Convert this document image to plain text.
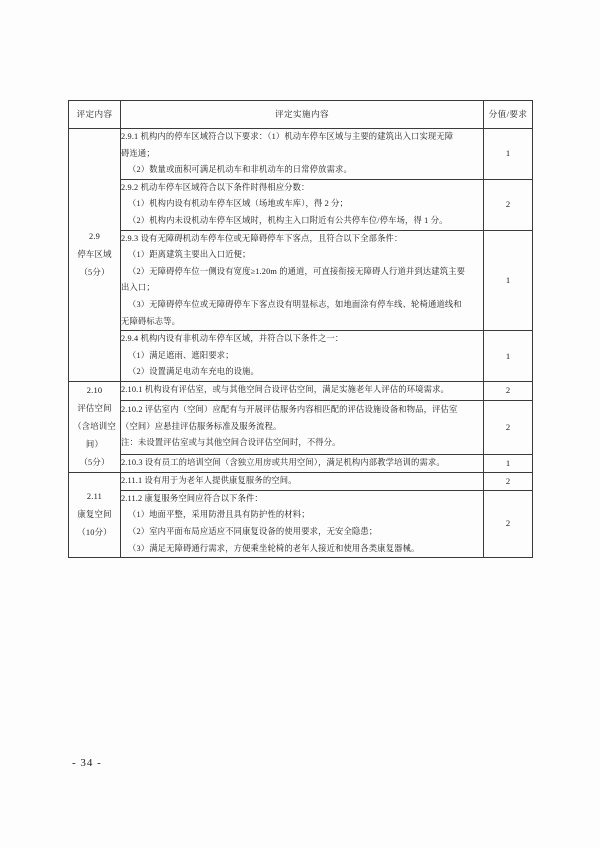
评定内容	评定实施内容	分值/要求

2.9
停车区域
（5分）

2.9.1 机构内的停车区域符合以下要求：（1）机动车停车区域与主要的建筑出入口实现无障
碍连通；
（2）数量或面积可满足机动车和非机动车的日常停放需求。
	1

	2.9.2 机动车停车区域符合以下条件时得相应分数：
（1）机构内设有机动车停车区域（场地或车库），得 2 分；
（2）机构内未设机动车停车区域时，机构主入口附近有公共停车位/停车场，得 1 分。	2

2.9.3 设有无障碍机动车停车位或无障碍停车下客点，且符合以下全部条件：
（1）距离建筑主要出入口近便；
（2）无障碍停车位一侧设有宽度≥1.20m 的通道，可直接衔接无障碍人行道并到达建筑主要
出入口；
（3）无障碍停车位或无障碍停车下客点设有明显标志，如地面涂有停车线、轮椅通道线和
无障碍标志等。
	1

	2.9.4 机构内设有非机动车停车区域，并符合以下条件之一：
（1）满足遮雨、遮阳要求；
（2）设置满足电动车充电的设施。	1

2.10
评估空间
（含培训空
间）
（5分）	2.10.1 机构设有评估室，或与其他空间合设评估空间，满足实施老年人评估的环境需求。	2

	2.10.2 评估室内（空间）应配有与开展评估服务内容相匹配的评估设施设备和物品，评估室
（空间）应悬挂评估服务标准及服务流程。
注：未设置评估室或与其他空间合设评估空间时，不得分。	2

	2.10.3 设有员工的培训空间（含独立用房或共用空间），满足机构内部教学培训的需求。	1

2.11
康复空间
（10分）	2.11.1 设有用于为老年人提供康复服务的空间。	2

	2.11.2 康复服务空间应符合以下条件：
（1）地面平整，采用防滑且具有防护性的材料；
（2）室内平面布局应适应不同康复设备的使用要求，无安全隐患；
（3）满足无障碍通行需求，方便乘坐轮椅的老年人接近和使用各类康复器械。	2
- 34 -
